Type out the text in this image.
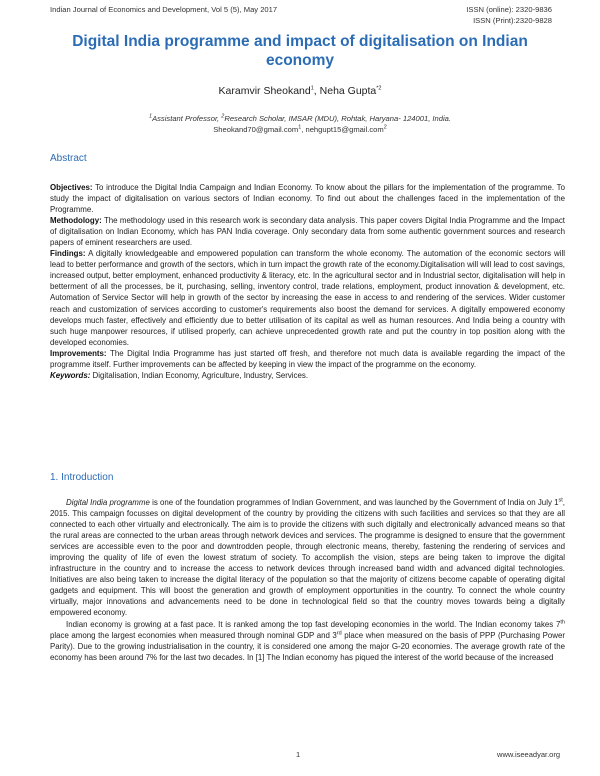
Indian Journal of Economics and Development, Vol 5 (5), May 2017	ISSN (online): 2320-9836
ISSN (Print):2320-9828
Digital India programme and impact of digitalisation on Indian economy
Karamvir Sheokand$^1$, Neha Gupta$^{*2}$
$^1$Assistant Professor, $^2$Research Scholar, IMSAR (MDU), Rohtak, Haryana- 124001, India.
Sheokand70@gmail.com$^1$, nehgupt15@gmail.com$^2$
Abstract

Objectives: To introduce the Digital India Campaign and Indian Economy. To know about the pillars for the implementation of the programme. To study the impact of digitalisation on various sectors of Indian economy. To find out about the challenges faced in the implementation of the Programme.

Methodology: The methodology used in this research work is secondary data analysis. This paper covers Digital India Programme and the Impact of digitalisation on Indian Economy, which has PAN India coverage. Only secondary data from some authentic government sources and research papers of eminent researchers are used.

Findings: A digitally knowledgeable and empowered population can transform the whole economy. The automation of the economic sectors will lead to better performance and growth of the sectors, which in turn impact the growth rate of the economy.Digitalisation will will lead to cost savings, increased output, better employment, enhanced productivity & literacy, etc. In the agricultural sector and in Industrial sector, digitalisation will help in betterment of all the processes, be it, purchasing, selling, inventory control, trade relations, employment, product innovation & development, etc. Automation of Service Sector will help in growth of the sector by increasing the ease in access to and rendering of the services. Wider customer reach and customization of services according to customer's requirements also boost the demand for services. A digitally empowered economy develops much faster, effectively and efficiently due to better utilisation of its capital as well as human resources. And India being a country with such huge manpower resources, if utilised properly, can achieve unprecedented growth rate and put the country in top position along with the developed economies.

Improvements: The Digital India Programme has just started off fresh, and therefore not much data is available regarding the impact of the programme itself. Further improvements can be affected by keeping in view the impact of the programme on the economy.

Keywords: Digitalisation, Indian Economy, Agriculture, Industry, Services.

1. Introduction

Digital India programme is one of the foundation programmes of Indian Government, and was launched by the Government of India on July 1st, 2015. This campaign focusses on digital development of the country by providing the citizens with such facilities and services so that they are all connected to each other virtually and electronically. The aim is to provide the citizens with such digitally and electronically advanced means so that the rural areas are connected to the urban areas through network devices and services. The programme is designed to ensure that the government services are accessible even to the poor and downtrodden people, through electronic means, thereby, fastening the rendering of services and improving the quality of life of even the lowest stratum of society. To accomplish the vision, steps are being taken to improve the digital infrastructure in the country and to increase the access to network devices through increased band width and advanced digital technologies. Initiatives are also being taken to increase the digital literacy of the population so that the majority of citizens become capable of operating digital gadgets and equipment. This will boost the generation and growth of employment opportunities in the country. To connect the whole country virtually, major innovations and advancements need to be done in technological field so that the country moves towards being a digitally empowered economy.

Indian economy is growing at a fast pace. It is ranked among the top fast developing economies in the world. The Indian economy takes 7th place among the largest economies when measured through nominal GDP and 3rd place when measured on the basis of PPP (Purchasing Power Parity). Due to the growing industrialisation in the country, it is considered one among the major G-20 economies. The average growth rate of the economy has been around 7% for the last two decades. In [1] The Indian economy has piqued the interest of the world because of the increased

1	www.iseeadyar.org
